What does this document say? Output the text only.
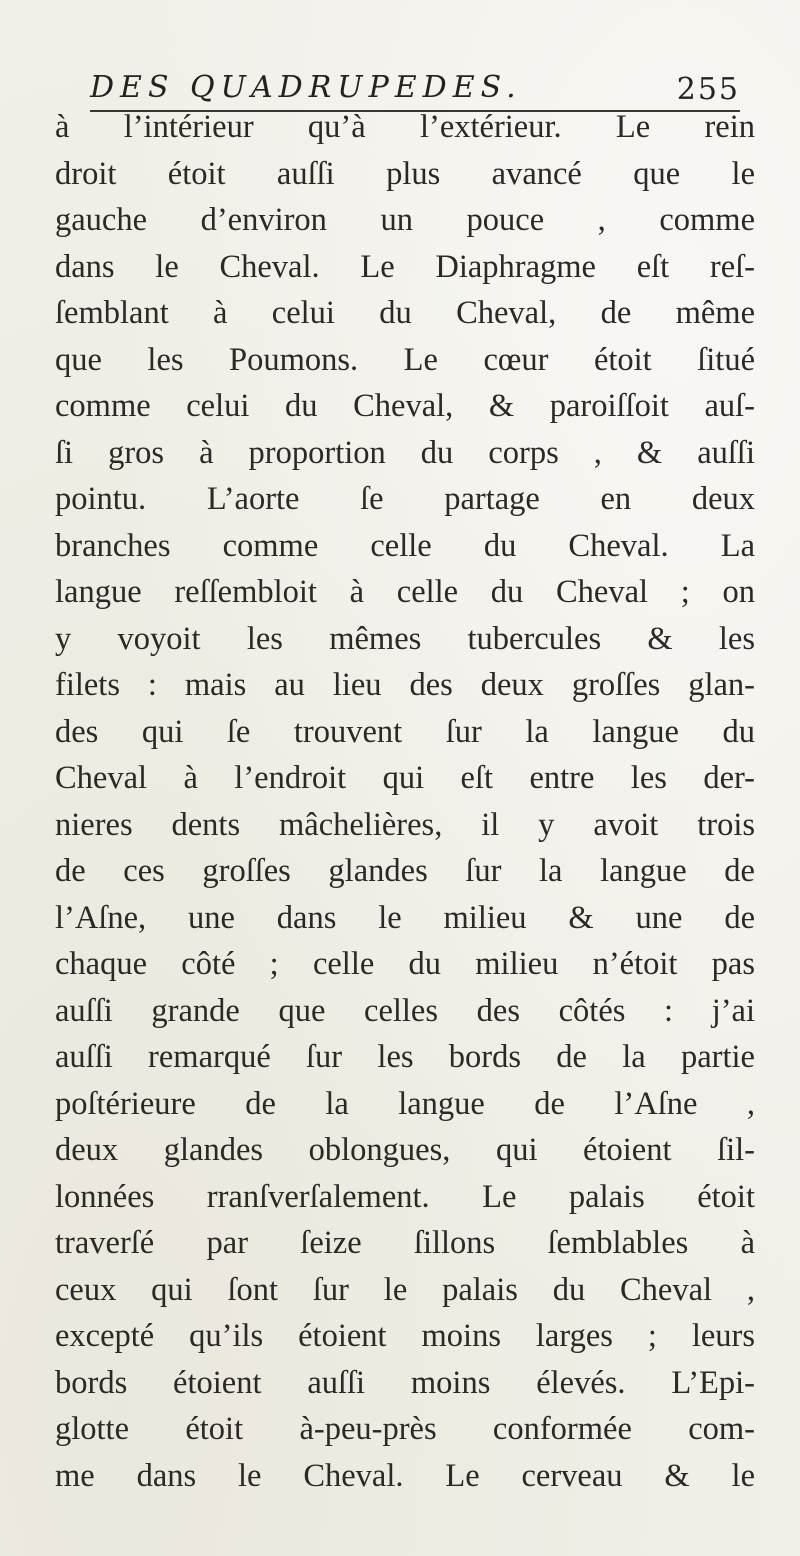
DES QUADRUPEDES.	255
à l’intérieur qu’à l’extérieur. Le rein
droit étoit auſſi plus avancé que le
gauche d’environ un pouce , comme
dans le Cheval. Le Diaphragme eſt reſ-
ſemblant à celui du Cheval, de même
que les Poumons. Le cœur étoit ſitué
comme celui du Cheval, & paroiſſoit auſ-
ſi gros à proportion du corps , & auſſi
pointu. L’aorte ſe partage en deux
branches comme celle du Cheval. La
langue reſſembloit à celle du Cheval ; on
y voyoit les mêmes tubercules & les
filets : mais au lieu des deux groſſes glan-
des qui ſe trouvent ſur la langue du
Cheval à l’endroit qui eſt entre les der-
nieres dents mâchelières, il y avoit trois
de ces groſſes glandes ſur la langue de
l’Aſne, une dans le milieu & une de
chaque côté ; celle du milieu n’étoit pas
auſſi grande que celles des côtés : j’ai
auſſi remarqué ſur les bords de la partie
poſtérieure de la langue de l’Aſne ,
deux glandes oblongues, qui étoient ſil-
lonnées rranſverſalement. Le palais étoit
traverſé par ſeize ſillons ſemblables à
ceux qui ſont ſur le palais du Cheval ,
excepté qu’ils étoient moins larges ; leurs
bords étoient auſſi moins élevés. L’Epi-
glotte étoit à-peu-près conformée com-
me dans le Cheval. Le cerveau & le
